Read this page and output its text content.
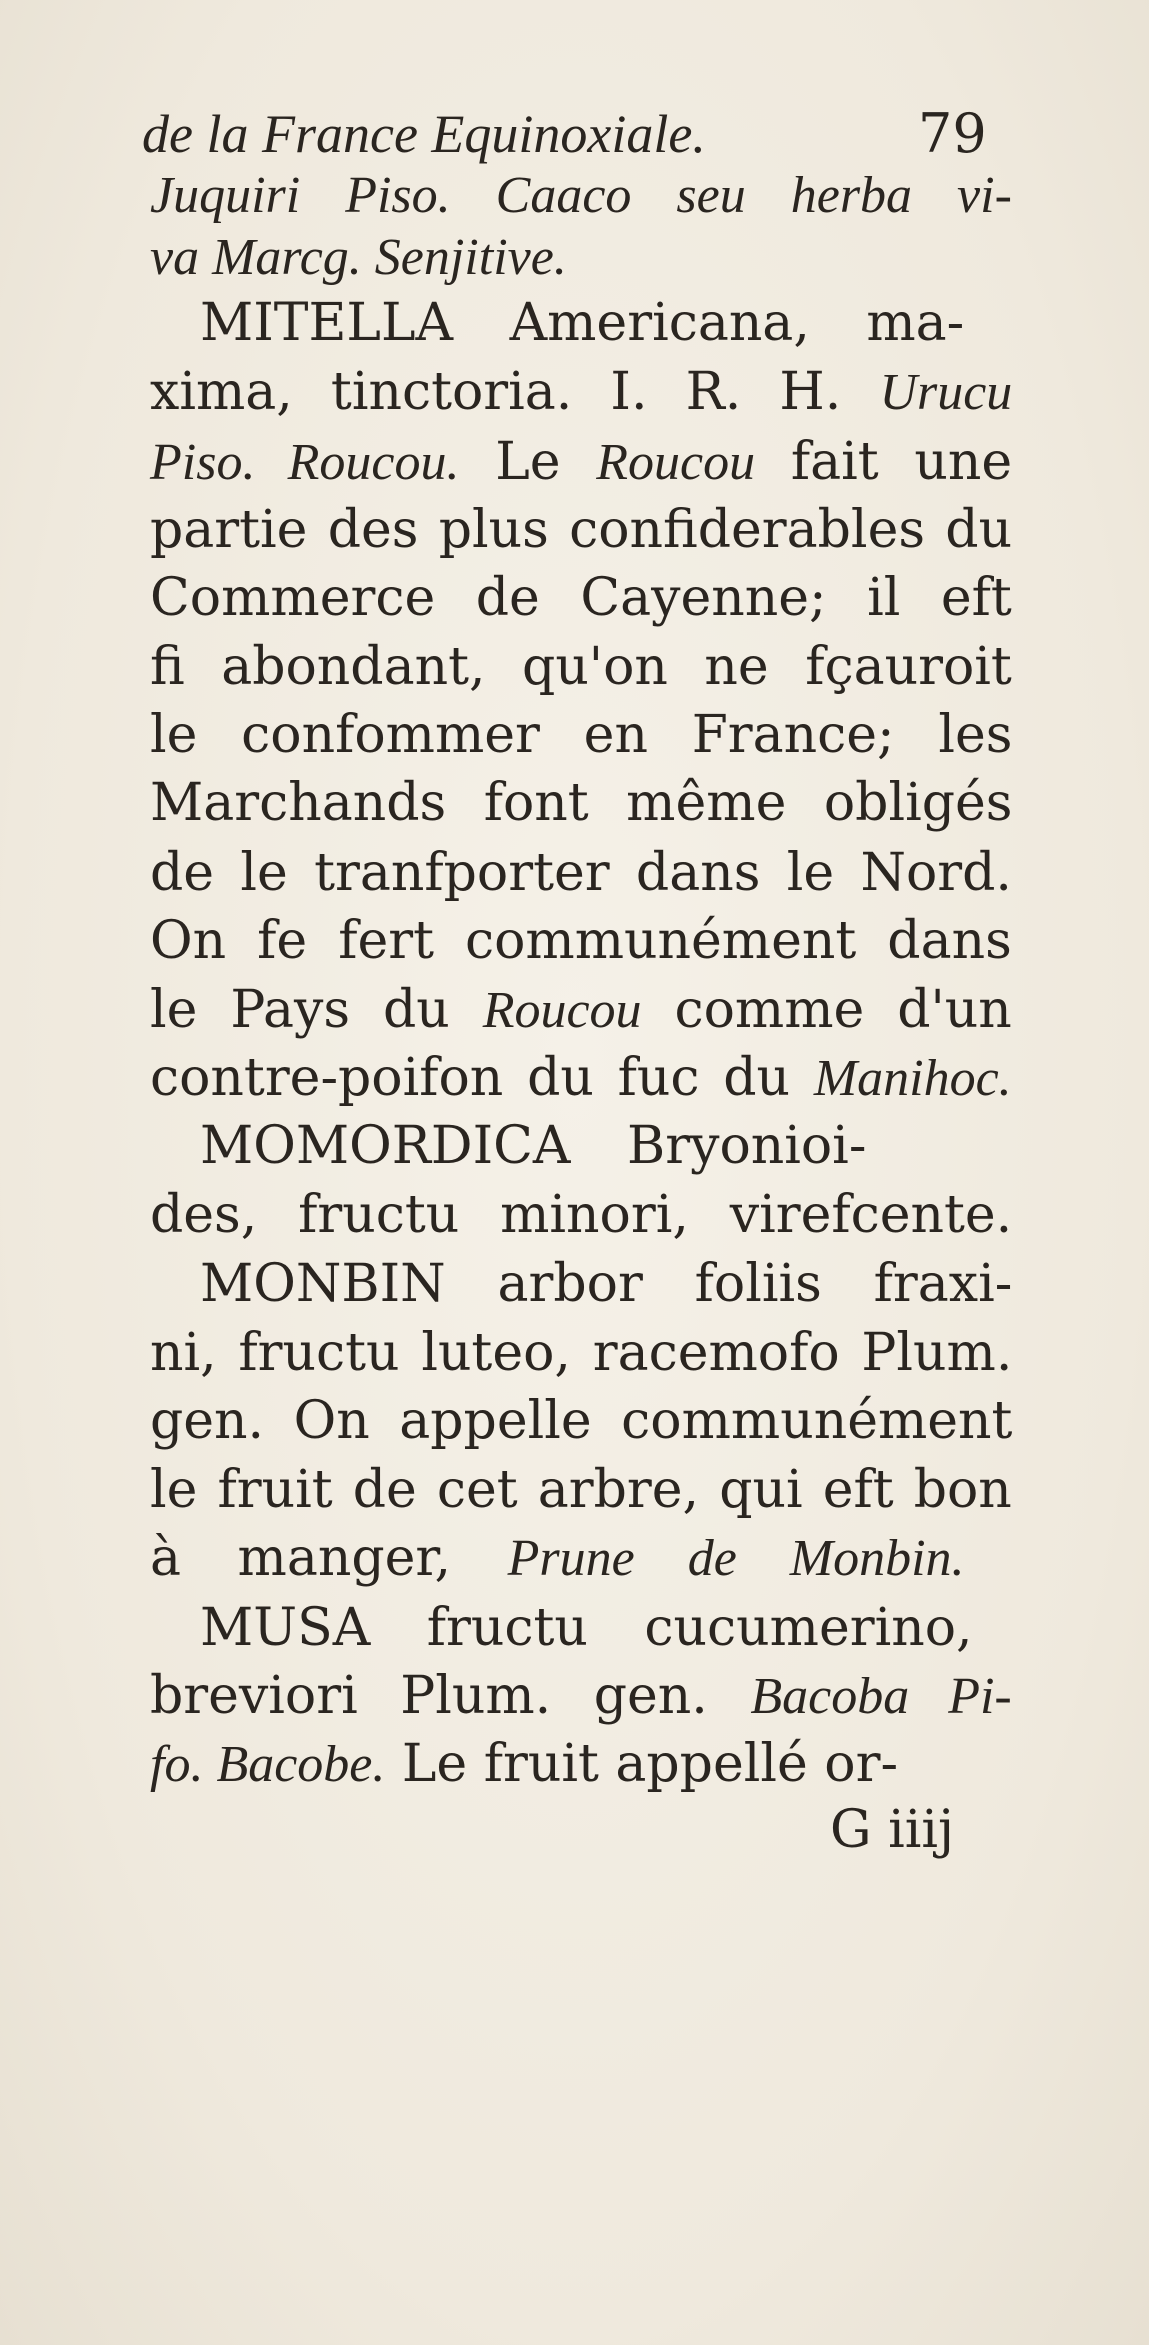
de la France Equinoxiale.	79
Juquiri Piso. Caaco seu herba vi-
va Marcg. Senjitive.
MITELLA Americana, ma-
xima, tinctoria. I. R. H. Urucu
Piso. Roucou. Le Roucou fait une
partie des plus confiderables du
Commerce de Cayenne; il eft
fi abondant, qu'on ne fçauroit
le confommer en France; les
Marchands font même obligés
de le tranfporter dans le Nord.
On fe fert communément dans
le Pays du Roucou comme d'un
contre-poifon du fuc du Manihoc.
MOMORDICA Bryonioi-
des, fructu minori, virefcente.
MONBIN arbor foliis fraxi-
ni, fructu luteo, racemofo Plum.
gen. On appelle communément
le fruit de cet arbre, qui eft bon
à manger, Prune de Monbin.
MUSA fructu cucumerino,
breviori Plum. gen. Bacoba Pi-
fo. Bacobe. Le fruit appellé or-
G iiij
